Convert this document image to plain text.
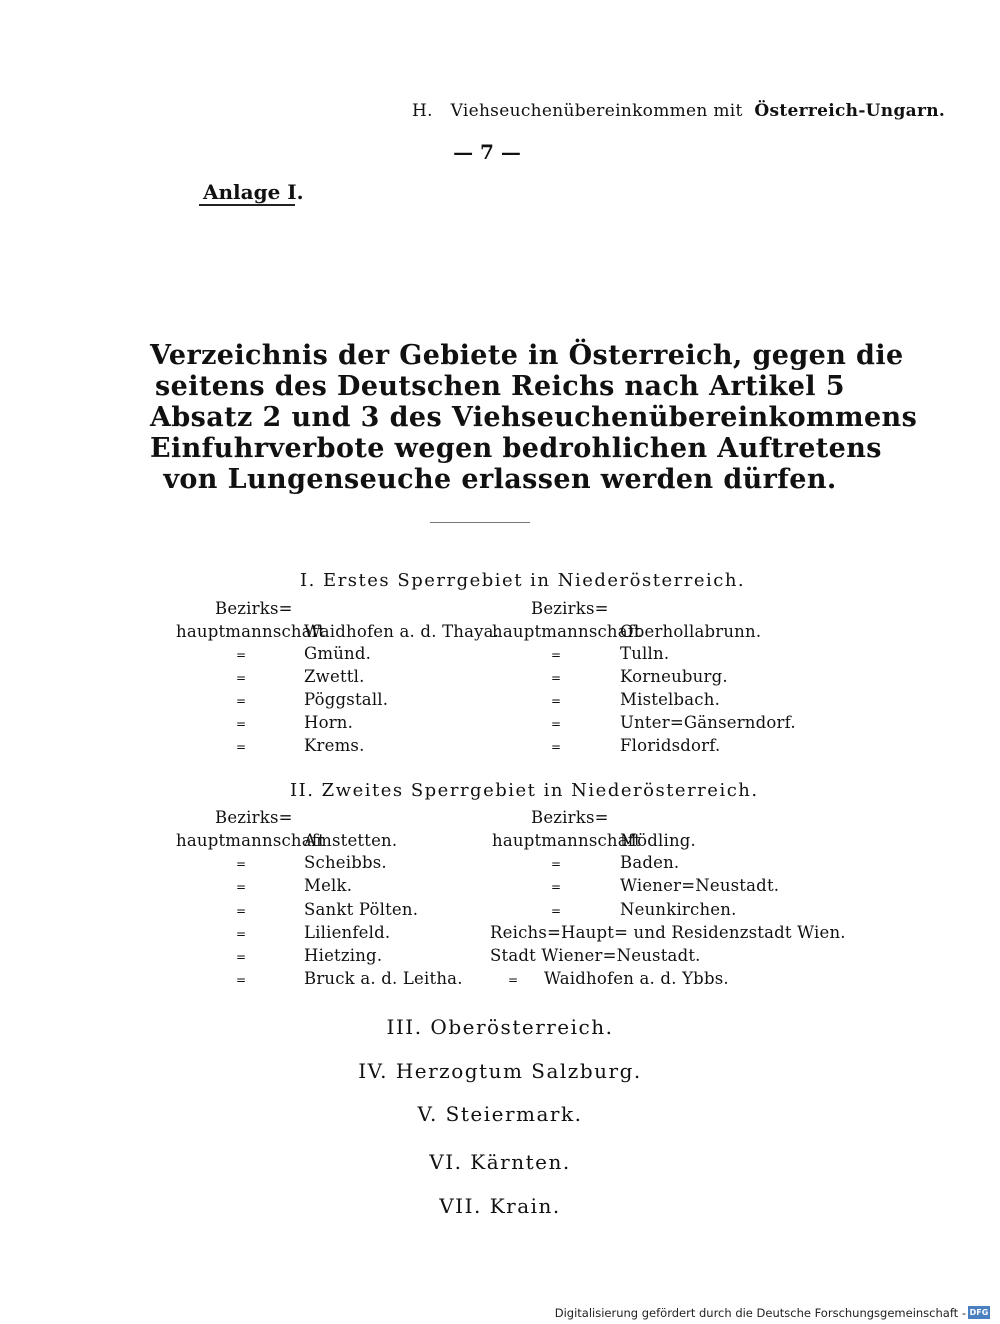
H. Viehseuchenübereinkommen mit Österreich-Ungarn.
— 7 —
Anlage I.
Verzeichnis der Gebiete in Österreich, gegen die
seitens des Deutschen Reichs nach Artikel 5
Absatz 2 und 3 des Viehseuchenübereinkommens
Einfuhrverbote wegen bedrohlichen Auftretens
von Lungenseuche erlassen werden dürfen.
I. Erstes Sperrgebiet in Niederösterreich.
Bezirks=
hauptmannschaft
Waidhofen a. d. Thaya.
=	Gmünd.
=	Zwettl.
=	Pöggstall.
=	Horn.
=	Krems.
Bezirks=
hauptmannschaft
Oberhollabrunn.
=	Tulln.
=	Korneuburg.
=	Mistelbach.
=	Unter=Gänserndorf.
=	Floridsdorf.
II. Zweites Sperrgebiet in Niederösterreich.
Bezirks=
hauptmannschaft
Amstetten.
=	Scheibbs.
=	Melk.
=	Sankt Pölten.
=	Lilienfeld.
=	Hietzing.
=	Bruck a. d. Leitha.
Bezirks=
hauptmannschaft
Mödling.
=	Baden.
=	Wiener=Neustadt.
=	Neunkirchen.
Reichs=Haupt= und Residenzstadt Wien.
Stadt Wiener=Neustadt.
= Waidhofen a. d. Ybbs.
III. Oberösterreich.
IV. Herzogtum Salzburg.
V. Steiermark.
VI. Kärnten.
VII. Krain.
Digitalisierung gefördert durch die Deutsche Forschungsgemeinschaft - DFG
